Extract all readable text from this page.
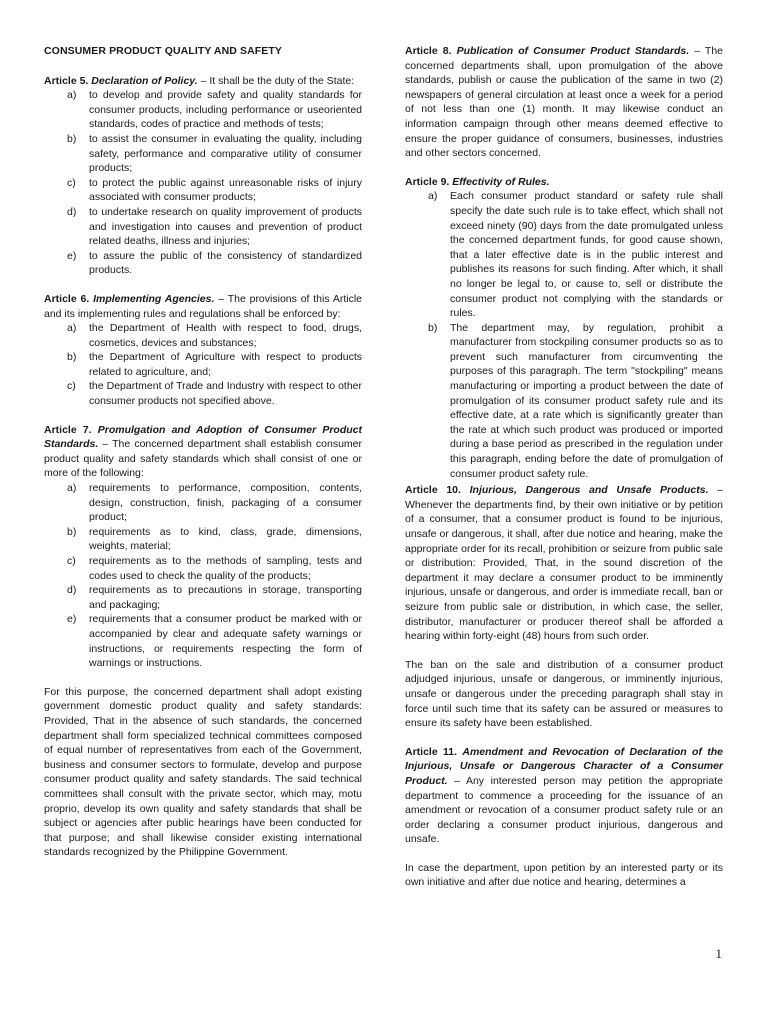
CONSUMER PRODUCT QUALITY AND SAFETY

Article 5. Declaration of Policy. – It shall be the duty of the State:

a)	to develop and provide safety and quality standards for consumer products, including performance or useoriented standards, codes of practice and methods of tests;
b)	to assist the consumer in evaluating the quality, including safety, performance and comparative utility of consumer products;
c)	to protect the public against unreasonable risks of injury associated with consumer products;
d)	to undertake research on quality improvement of products and investigation into causes and prevention of product related deaths, illness and injuries;
e)	to assure the public of the consistency of standardized products.

Article 6. Implementing Agencies. – The provisions of this Article and its implementing rules and regulations shall be enforced by:

a)	the Department of Health with respect to food, drugs, cosmetics, devices and substances;
b)	the Department of Agriculture with respect to products related to agriculture, and;
c)	the Department of Trade and Industry with respect to other consumer products not specified above.

Article 7. Promulgation and Adoption of Consumer Product Standards. – The concerned department shall establish consumer product quality and safety standards which shall consist of one or more of the following:

a)	requirements to performance, composition, contents, design, construction, finish, packaging of a consumer product;
b)	requirements as to kind, class, grade, dimensions, weights, material;
c)	requirements as to the methods of sampling, tests and codes used to check the quality of the products;
d)	requirements as to precautions in storage, transporting and packaging;
e)	requirements that a consumer product be marked with or accompanied by clear and adequate safety warnings or instructions, or requirements respecting the form of warnings or instructions.

For this purpose, the concerned department shall adopt existing government domestic product quality and safety standards: Provided, That in the absence of such standards, the concerned department shall form specialized technical committees composed of equal number of representatives from each of the Government, business and consumer sectors to formulate, develop and purpose consumer product quality and safety standards. The said technical committees shall consult with the private sector, which may, motu proprio, develop its own quality and safety standards that shall be subject or agencies after public hearings have been conducted for that purpose; and shall likewise consider existing international standards recognized by the Philippine Government.

Article 8. Publication of Consumer Product Standards. – The concerned departments shall, upon promulgation of the above standards, publish or cause the publication of the same in two (2) newspapers of general circulation at least once a week for a period of not less than one (1) month. It may likewise conduct an information campaign through other means deemed effective to ensure the proper guidance of consumers, businesses, industries and other sectors concerned.

Article 9. Effectivity of Rules.

a)	Each consumer product standard or safety rule shall specify the date such rule is to take effect, which shall not exceed ninety (90) days from the date promulgated unless the concerned department funds, for good cause shown, that a later effective date is in the public interest and publishes its reasons for such finding. After which, it shall no longer be legal to, or cause to, sell or distribute the consumer product not complying with the standards or rules.
b)	The department may, by regulation, prohibit a manufacturer from stockpiling consumer products so as to prevent such manufacturer from circumventing the purposes of this paragraph. The term "stockpiling" means manufacturing or importing a product between the date of promulgation of its consumer product safety rule and its effective date, at a rate which is significantly greater than the rate at which such product was produced or imported during a base period as prescribed in the regulation under this paragraph, ending before the date of promulgation of consumer product safety rule.

Article 10. Injurious, Dangerous and Unsafe Products. – Whenever the departments find, by their own initiative or by petition of a consumer, that a consumer product is found to be injurious, unsafe or dangerous, it shall, after due notice and hearing, make the appropriate order for its recall, prohibition or seizure from public sale or distribution: Provided, That, in the sound discretion of the department it may declare a consumer product to be imminently injurious, unsafe or dangerous, and order is immediate recall, ban or seizure from public sale or distribution, in which case, the seller, distributor, manufacturer or producer thereof shall be afforded a hearing within forty-eight (48) hours from such order.

The ban on the sale and distribution of a consumer product adjudged injurious, unsafe or dangerous, or imminently injurious, unsafe or dangerous under the preceding paragraph shall stay in force until such time that its safety can be assured or measures to ensure its safety have been established.

Article 11. Amendment and Revocation of Declaration of the Injurious, Unsafe or Dangerous Character of a Consumer Product. – Any interested person may petition the appropriate department to commence a proceeding for the issuance of an amendment or revocation of a consumer product safety rule or an order declaring a consumer product injurious, dangerous and unsafe.

In case the department, upon petition by an interested party or its own initiative and after due notice and hearing, determines a

1
